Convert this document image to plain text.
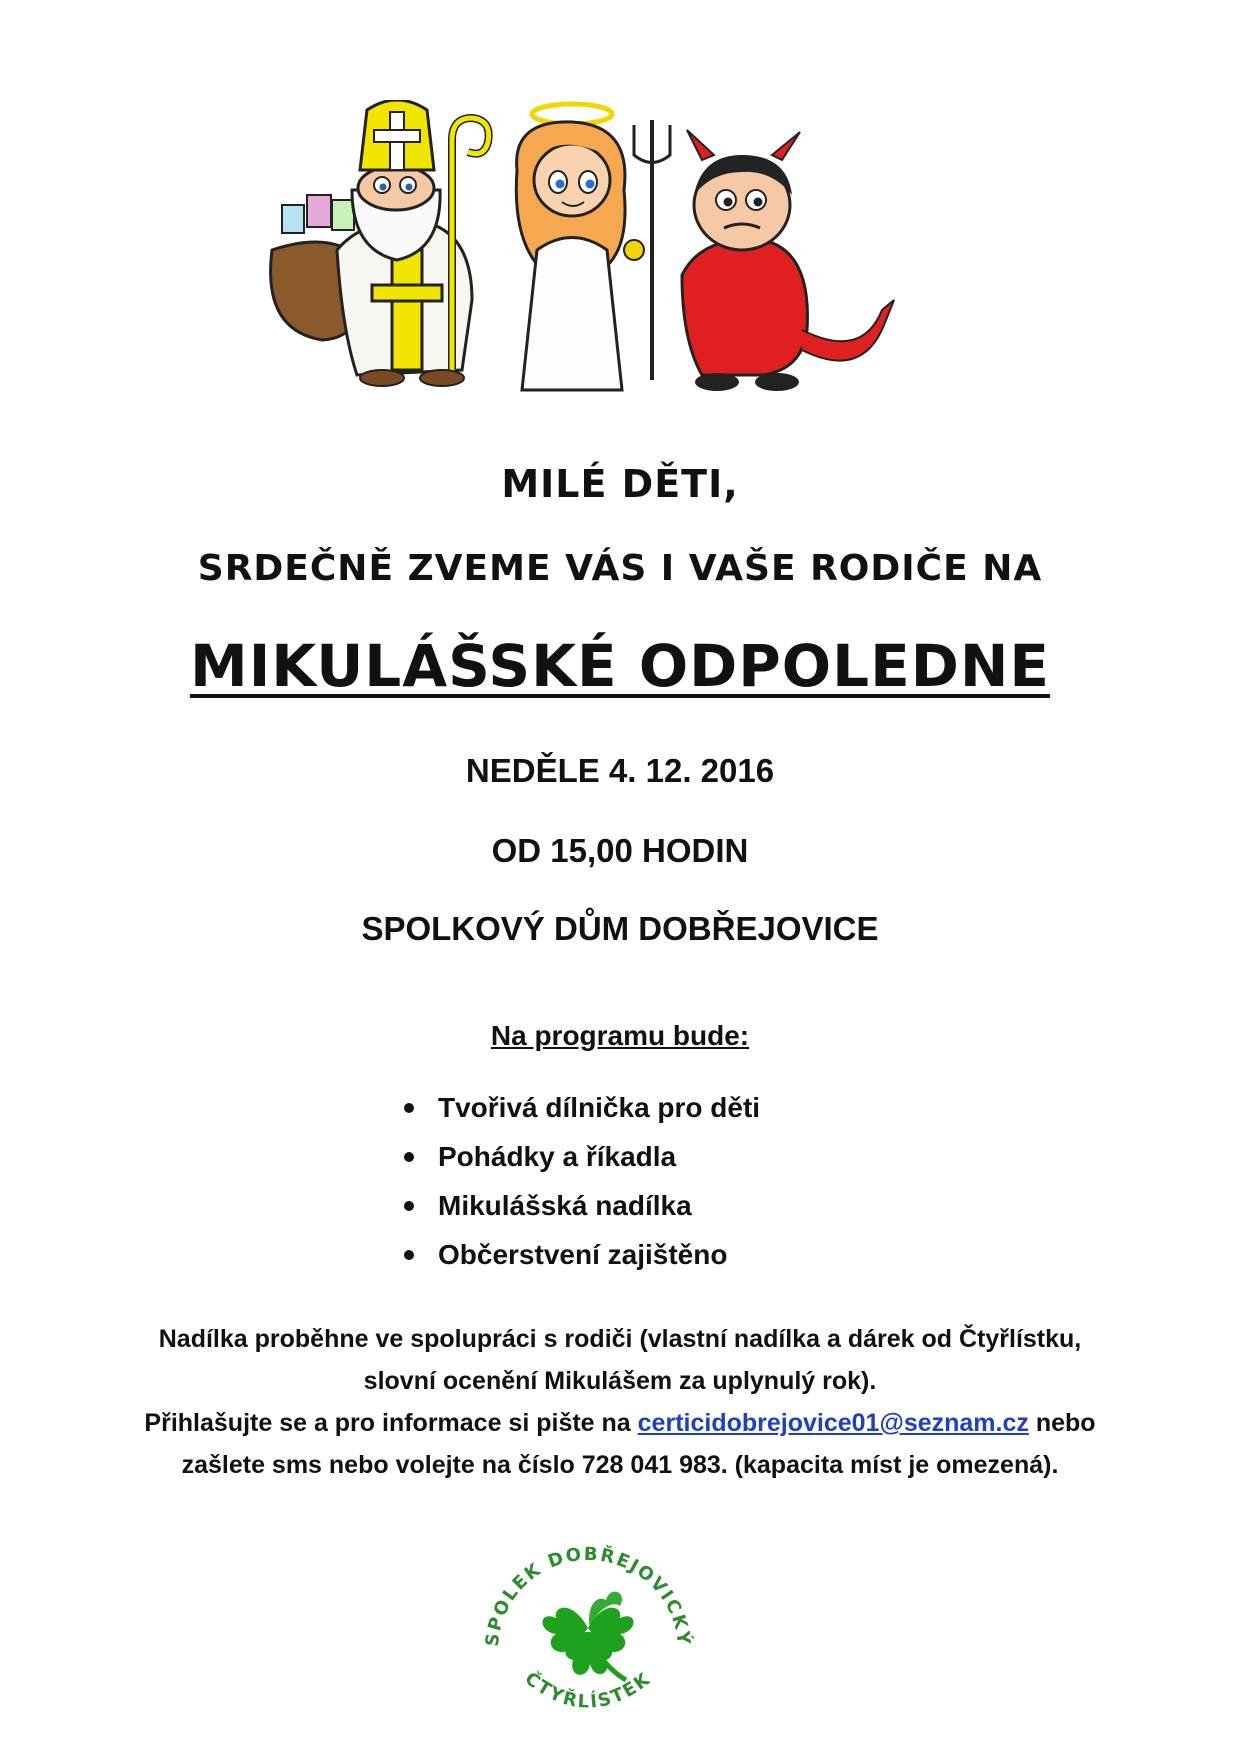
MILÉ DĚTI,
SRDEČNĚ ZVEME VÁS I VAŠE RODIČE NA
MIKULÁŠSKÉ ODPOLEDNE
NEDĚLE 4. 12. 2016
OD 15,00 HODIN
SPOLKOVÝ DŮM DOBŘEJOVICE
Na programu bude:
Tvořivá dílnička pro děti
Pohádky a říkadla
Mikulášská nadílka
Občerstvení zajištěno
Nadílka proběhne ve spolupráci s rodiči (vlastní nadílka a dárek od Čtyřlístku,
slovní ocenění Mikulášem za uplynulý rok).
Přihlašujte se a pro informace si pište na certicidobrejovice01@seznam.cz nebo
zašlete sms nebo volejte na číslo 728 041 983. (kapacita míst je omezená).
SPOLEK DOBŘEJOVICKÝ
ČTYŘLÍSTEK
